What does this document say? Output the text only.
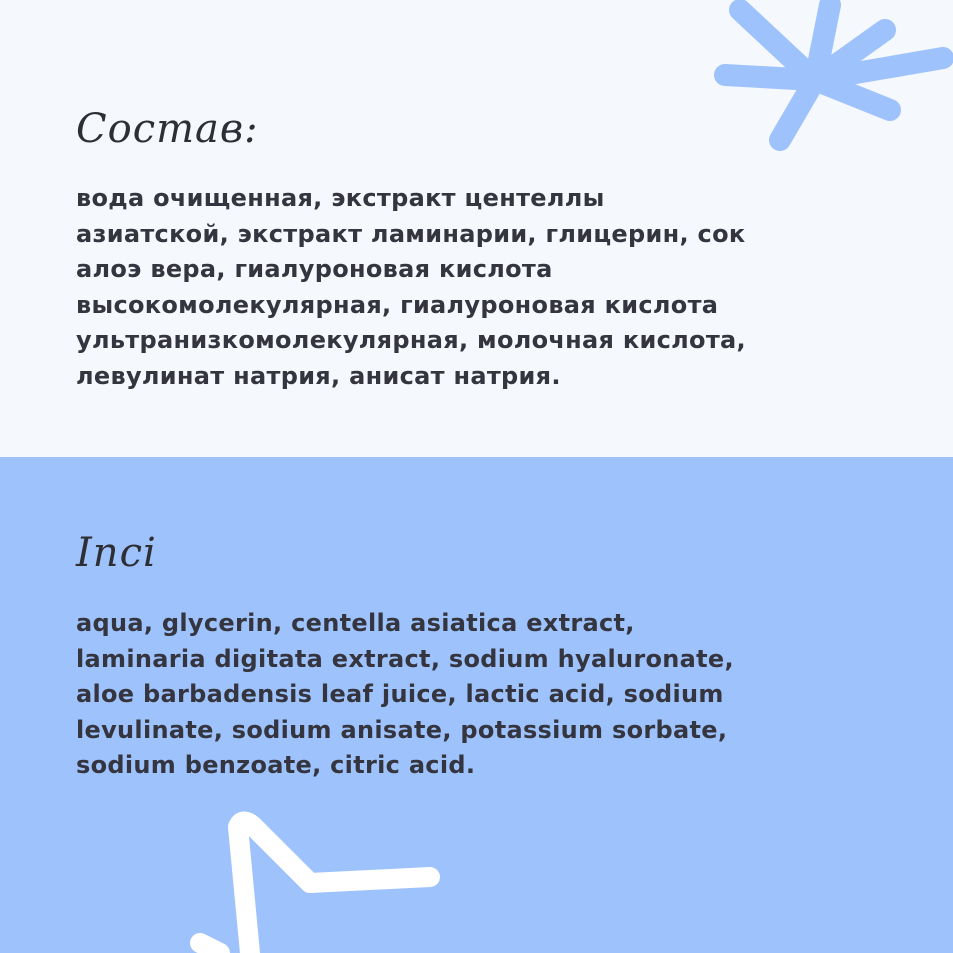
Состав:
вода очищенная, экстракт центеллы
азиатской, экстракт ламинарии, глицерин, сок
алоэ вера, гиалуроновая кислота
высокомолекулярная, гиалуроновая кислота
ультранизкомолекулярная, молочная кислота,
левулинат натрия, анисат натрия.
Inci
aqua, glycerin, centella asiatica extract,
laminaria digitata extract, sodium hyaluronate,
aloe barbadensis leaf juice, lactic acid, sodium
levulinate, sodium anisate, potassium sorbate,
sodium benzoate, citric acid.
